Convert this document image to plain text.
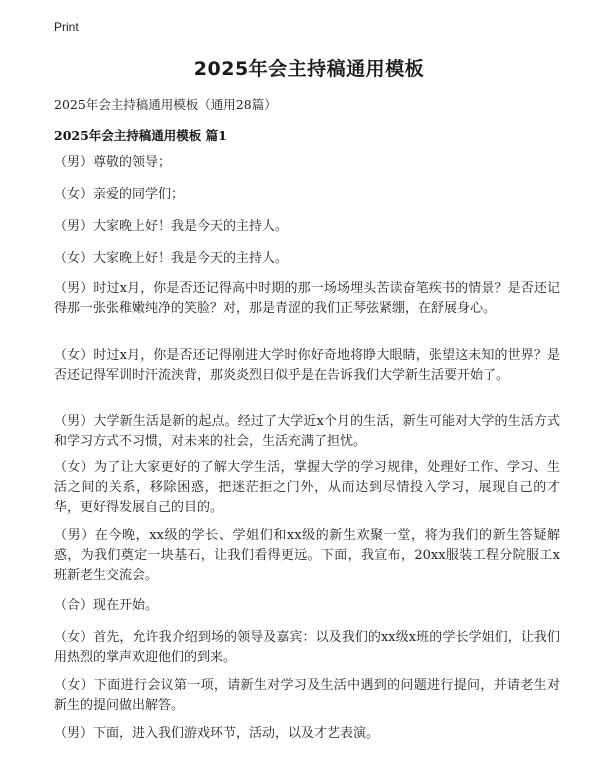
Print
2025年会主持稿通用模板
2025年会主持稿通用模板（通用28篇）
2025年会主持稿通用模板 篇1
（男）尊敬的领导；
（女）亲爱的同学们；
（男）大家晚上好！我是今天的主持人。
（女）大家晚上好！我是今天的主持人。
（男）时过x月，你是否还记得高中时期的那一场场埋头苦读奋笔疾书的情景？是否还记得那一张张稚嫩纯净的笑脸？对，那是青涩的我们正琴弦紧绷，在舒展身心。
（女）时过x月，你是否还记得刚进大学时你好奇地将睁大眼睛，张望这未知的世界？是否还记得军训时汗流浃背，那炎炎烈日似乎是在告诉我们大学新生活要开始了。
（男）大学新生活是新的起点。经过了大学近x个月的生活，新生可能对大学的生活方式和学习方式不习惯，对未来的社会，生活充满了担忧。
（女）为了让大家更好的了解大学生活，掌握大学的学习规律，处理好工作、学习、生活之间的关系，移除困惑，把迷茫拒之门外，从而达到尽情投入学习，展现自己的才华，更好得发展自己的目的。
（男）在今晚，xx级的学长、学姐们和xx级的新生欢聚一堂，将为我们的新生答疑解惑，为我们奠定一块基石，让我们看得更远。下面，我宣布，20xx服装工程分院服工x班新老生交流会。
（合）现在开始。
（女）首先，允许我介绍到场的领导及嘉宾：以及我们的xx级x班的学长学姐们，让我们用热烈的掌声欢迎他们的到来。
（女）下面进行会议第一项，请新生对学习及生活中遇到的问题进行提问，并请老生对新生的提问做出解答。
（男）下面，进入我们游戏环节，活动，以及才艺表演。
